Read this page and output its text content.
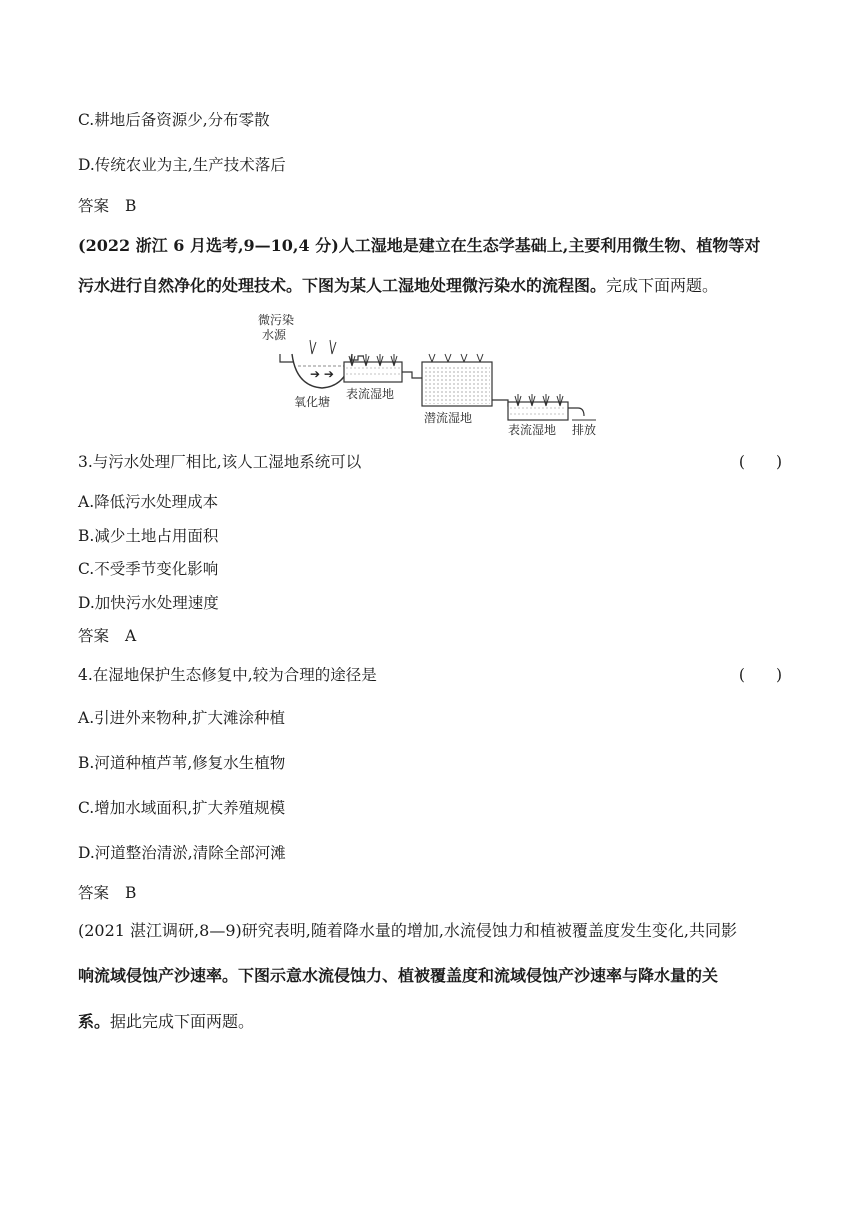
C.耕地后备资源少,分布零散
D.传统农业为主,生产技术落后
答案 B
(2022 浙江 6 月选考,9—10,4 分)人工湿地是建立在生态学基础上,主要利用微生物、植物等对
污水进行自然净化的处理技术。下图为某人工湿地处理微污染水的流程图。完成下面两题。
微污染
水源
➔ ➔
氧化塘
表流湿地
潜流湿地
表流湿地 排放
3.与污水处理厂相比,该人工湿地系统可以	(　　)
A.降低污水处理成本
B.减少土地占用面积
C.不受季节变化影响
D.加快污水处理速度
答案 A
4.在湿地保护生态修复中,较为合理的途径是	(　　)
A.引进外来物种,扩大滩涂种植
B.河道种植芦苇,修复水生植物
C.增加水域面积,扩大养殖规模
D.河道整治清淤,清除全部河滩
答案 B
(2021 湛江调研,8—9)研究表明,随着降水量的增加,水流侵蚀力和植被覆盖度发生变化,共同影
响流域侵蚀产沙速率。下图示意水流侵蚀力、植被覆盖度和流域侵蚀产沙速率与降水量的关
系。据此完成下面两题。
